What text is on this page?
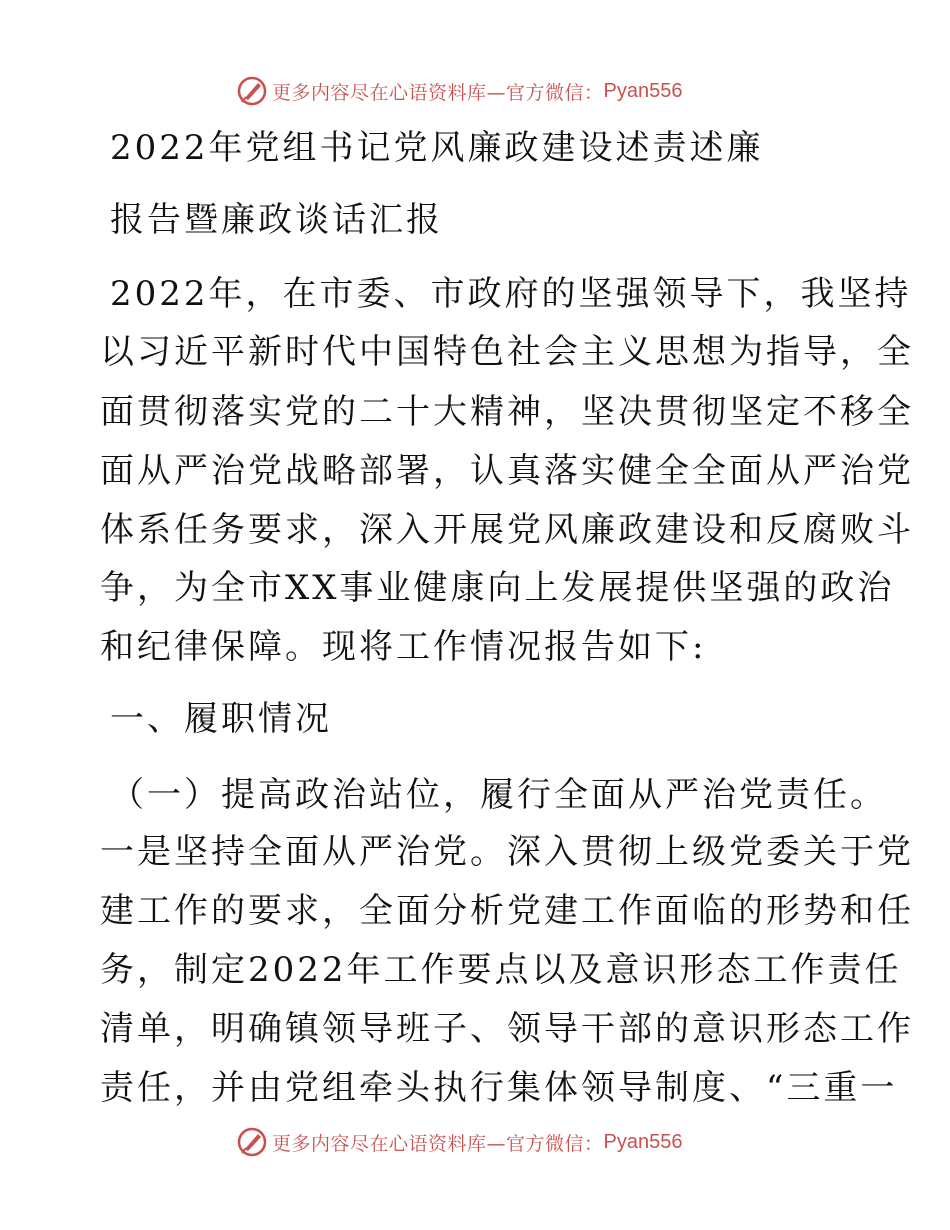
更多内容尽在心语资料库—官方微信： Pyan556
2022年党组书记党风廉政建设述责述廉
报告暨廉政谈话汇报

2022年，在市委、市政府的坚强领导下，我坚持

以习近平新时代中国特色社会主义思想为指导，全

面贯彻落实党的二十大精神，坚决贯彻坚定不移全

面从严治党战略部署，认真落实健全全面从严治党

体系任务要求，深入开展党风廉政建设和反腐败斗

争，为全市XX事业健康向上发展提供坚强的政治

和纪律保障。现将工作情况报告如下:

一、履职情况
（一）提高政治站位，履行全面从严治党责任。

一是坚持全面从严治党。深入贯彻上级党委关于党

建工作的要求，全面分析党建工作面临的形势和任

务，制定2022年工作要点以及意识形态工作责任

清单，明确镇领导班子、领导干部的意识形态工作

责任，并由党组牵头执行集体领导制度、“三重一

更多内容尽在心语资料库—官方微信： Pyan556
